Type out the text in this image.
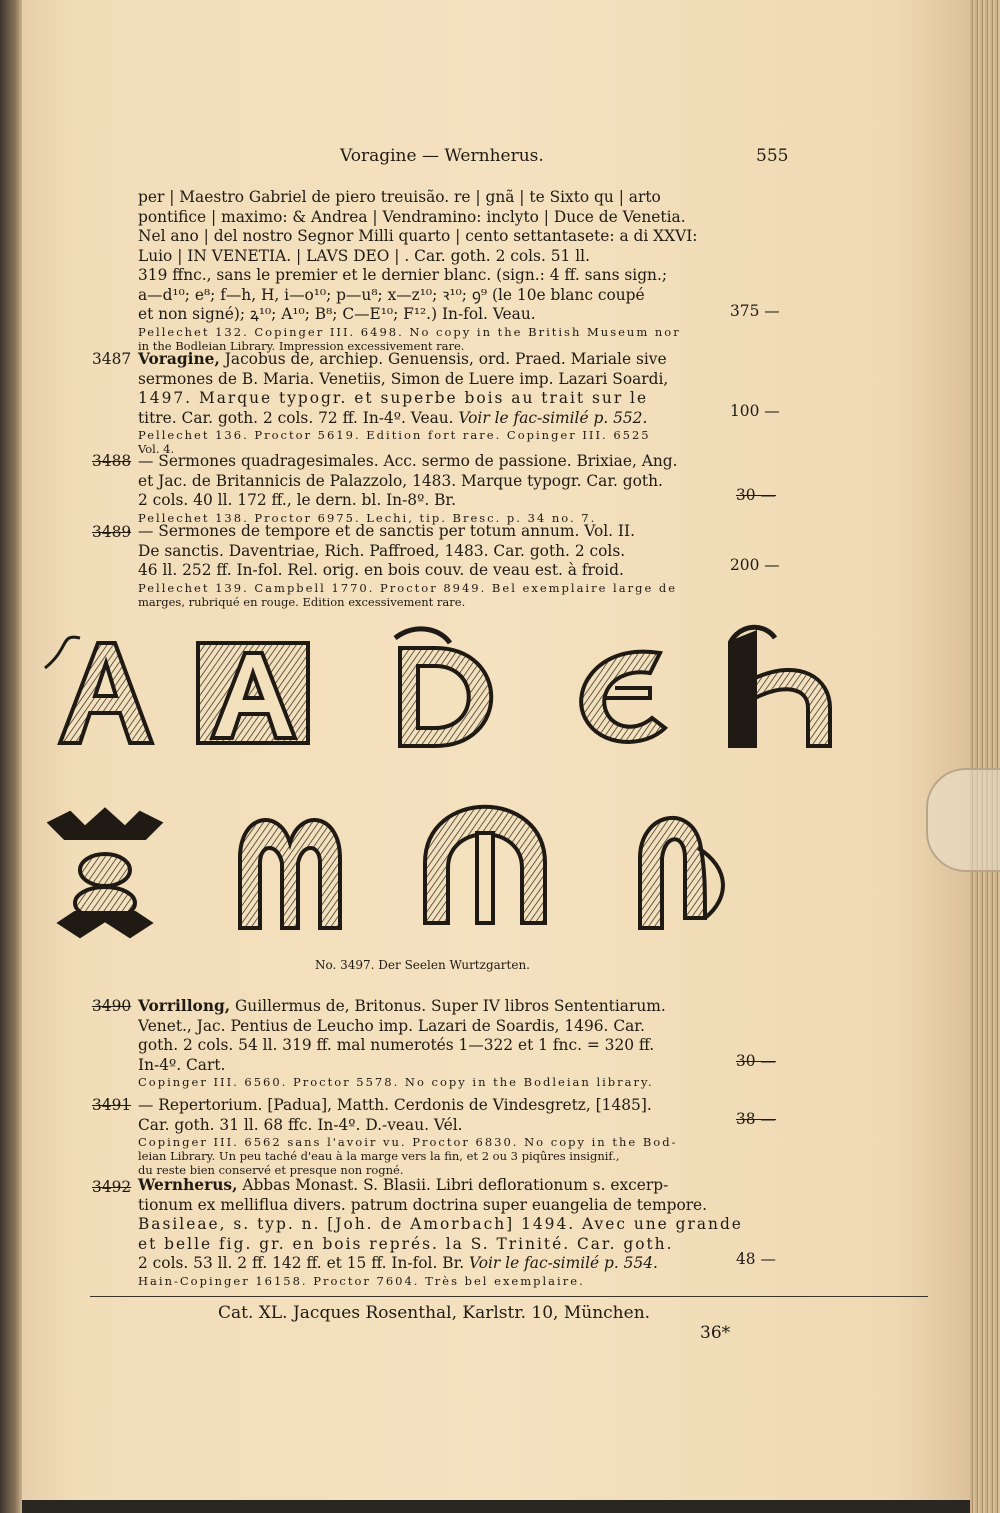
Voragine — Wernherus.	555
per | Maestro Gabriel de piero treuisão. re | gnã | te Sixto qu | arto
pontifice | maximo: & Andrea | Vendramino: inclyto | Duce de Venetia.
Nel ano | del nostro Segnor Milli quarto | cento settantasete: a di XXVI:
Luio | IN VENETIA. | LAVS DEO | . Car. goth. 2 cols. 51 ll.
319 ffnc., sans le premier et le dernier blanc. (sign.: 4 ff. sans sign.;
a—d¹⁰; e⁸; f—h, H, i—o¹⁰; p—u⁸; x—z¹⁰; ꝛ¹⁰; ꝯ⁹ (le 10e blanc coupé
et non signé); ꝝ¹⁰; A¹⁰; B⁸; C—E¹⁰; F¹².) In-fol. Veau.
Pellechet 132. Copinger III. 6498. No copy in the British Museum nor
in the Bodleian Library. Impression excessivement rare.
375 —
3487 Voragine, Jacobus de, archiep. Genuensis, ord. Praed. Mariale sive
sermones de B. Maria. Venetiis, Simon de Luere imp. Lazari Soardi,
1497. Marque typogr. et superbe bois au trait sur le
titre. Car. goth. 2 cols. 72 ff. In-4º. Veau. Voir le fac-similé p. 552.
Pellechet 136. Proctor 5619. Edition fort rare. Copinger III. 6525
Vol. 4.
100 —
3488 — Sermones quadragesimales. Acc. sermo de passione. Brixiae, Ang.
et Jac. de Britannicis de Palazzolo, 1483. Marque typogr. Car. goth.
2 cols. 40 ll. 172 ff., le dern. bl. In-8º. Br.
Pellechet 138. Proctor 6975. Lechi, tip. Bresc. p. 34 no. 7.
30 —
3489 — Sermones de tempore et de sanctis per totum annum. Vol. II.
De sanctis. Daventriae, Rich. Paffroed, 1483. Car. goth. 2 cols.
46 ll. 252 ff. In-fol. Rel. orig. en bois couv. de veau est. à froid.
Pellechet 139. Campbell 1770. Proctor 8949. Bel exemplaire large de
marges, rubriqué en rouge. Edition excessivement rare.
200 —
No. 3497. Der Seelen Wurtzgarten.
3490 Vorrillong, Guillermus de, Britonus. Super IV libros Sententiarum.
Venet., Jac. Pentius de Leucho imp. Lazari de Soardis, 1496. Car.
goth. 2 cols. 54 ll. 319 ff. mal numerotés 1—322 et 1 fnc. = 320 ff.
In-4º. Cart.
Copinger III. 6560. Proctor 5578. No copy in the Bodleian library.
30 —
3491 — Repertorium. [Padua], Matth. Cerdonis de Vindesgretz, [1485].
Car. goth. 31 ll. 68 ffc. In-4º. D.-veau. Vél.
Copinger III. 6562 sans l'avoir vu. Proctor 6830. No copy in the Bod-
leian Library. Un peu taché d'eau à la marge vers la fin, et 2 ou 3 piqûres insignif.,
du reste bien conservé et presque non rogné.
38 —
3492 Wernherus, Abbas Monast. S. Blasii. Libri deflorationum s. excerp-
tionum ex melliflua divers. patrum doctrina super euangelia de tempore.
Basileae, s. typ. n. [Joh. de Amorbach] 1494. Avec une grande
et belle fig. gr. en bois représ. la S. Trinité. Car. goth.
2 cols. 53 ll. 2 ff. 142 ff. et 15 ff. In-fol. Br. Voir le fac-similé p. 554.
Hain-Copinger 16158. Proctor 7604. Très bel exemplaire.
48 —
Cat. XL. Jacques Rosenthal, Karlstr. 10, München.
36*
